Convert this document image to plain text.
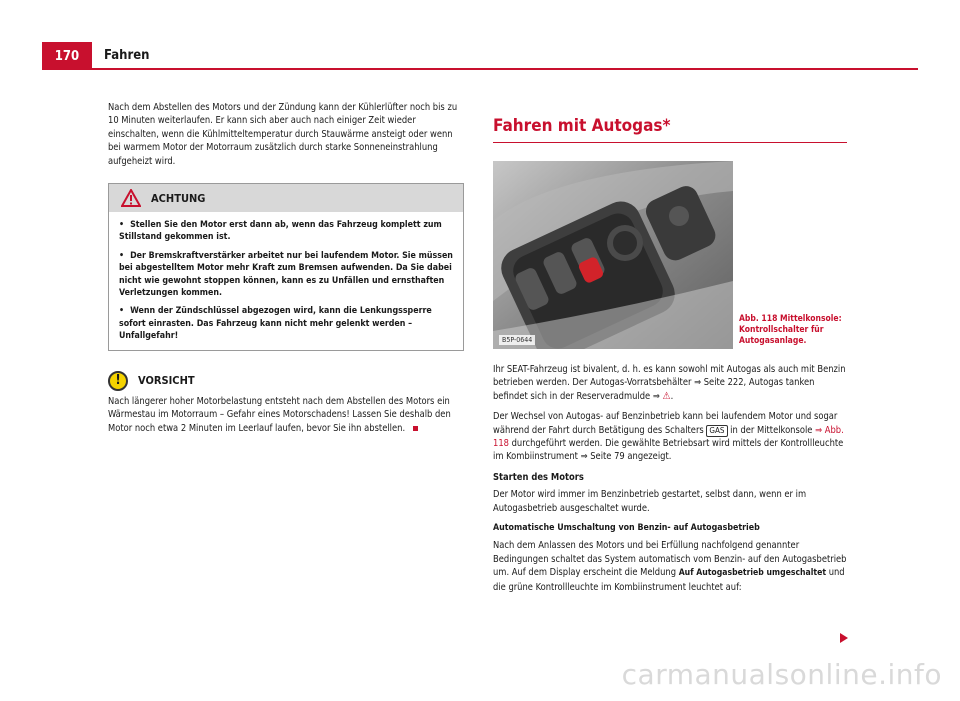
170	Fahren

Nach dem Abstellen des Motors und der Zündung kann der Kühlerlüfter noch bis zu 10 Minuten weiterlaufen. Er kann sich aber auch nach einiger Zeit wieder einschalten, wenn die Kühlmitteltemperatur durch Stauwärme ansteigt oder wenn bei warmem Motor der Motorraum zusätzlich durch starke Sonneneinstrahlung aufgeheizt wird.

ACHTUNG

• Stellen Sie den Motor erst dann ab, wenn das Fahrzeug komplett zum Stillstand gekommen ist.

• Der Bremskraftverstärker arbeitet nur bei laufendem Motor. Sie müssen bei abgestelltem Motor mehr Kraft zum Bremsen aufwenden. Da Sie dabei nicht wie gewohnt stoppen können, kann es zu Unfällen und ernsthaften Verletzungen kommen.

• Wenn der Zündschlüssel abgezogen wird, kann die Lenkungssperre sofort einrasten. Das Fahrzeug kann nicht mehr gelenkt werden – Unfallgefahr!

!	VORSICHT

Nach längerer hoher Motorbelastung entsteht nach dem Abstellen des Motors ein Wärmestau im Motorraum – Gefahr eines Motorschadens! Lassen Sie deshalb den Motor noch etwa 2 Minuten im Leerlauf laufen, bevor Sie ihn abstellen.

Fahren mit Autogas*
B5P-0644
Abb. 118 Mittelkonsole: Kontrollschalter für Autogasanlage.

Ihr SEAT-Fahrzeug ist bivalent, d. h. es kann sowohl mit Autogas als auch mit Benzin betrieben werden. Der Autogas-Vorratsbehälter ⇒ Seite 222, Autogas tanken befindet sich in der Reserveradmulde ⇒ ⚠.

Der Wechsel von Autogas- auf Benzinbetrieb kann bei laufendem Motor und sogar während der Fahrt durch Betätigung des Schalters GAS in der Mittelkonsole ⇒ Abb. 118 durchgeführt werden. Die gewählte Betriebsart wird mittels der Kontrollleuchte im Kombiinstrument ⇒ Seite 79 angezeigt.

Starten des Motors

Der Motor wird immer im Benzinbetrieb gestartet, selbst dann, wenn er im Autogasbetrieb ausgeschaltet wurde.

Automatische Umschaltung von Benzin- auf Autogasbetrieb

Nach dem Anlassen des Motors und bei Erfüllung nachfolgend genannter Bedingungen schaltet das System automatisch vom Benzin- auf den Autogasbetrieb um. Auf dem Display erscheint die Meldung Auf Autogasbetrieb umgeschaltet und die grüne Kontrollleuchte im Kombiinstrument leuchtet auf:

carmanualsonline.info
